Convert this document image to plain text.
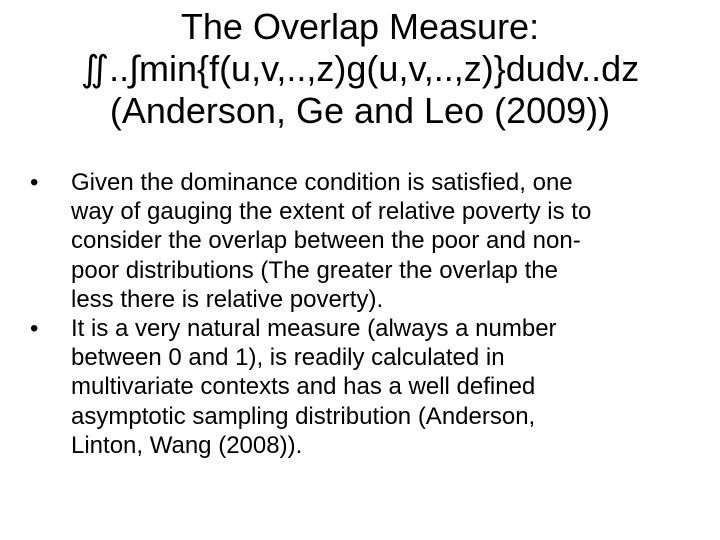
The Overlap Measure:
∬..∫min{f(u,v,..,z)g(u,v,..,z)}dudv..dz
(Anderson, Ge and Leo (2009))
•	Given the dominance condition is satisfied, one
way of gauging the extent of relative poverty is to
consider the overlap between the poor and non-
poor distributions (The greater the overlap the
less there is relative poverty).
•	It is a very natural measure (always a number
between 0 and 1), is readily calculated in
multivariate contexts and has a well defined
asymptotic sampling distribution (Anderson,
Linton, Wang (2008)).
